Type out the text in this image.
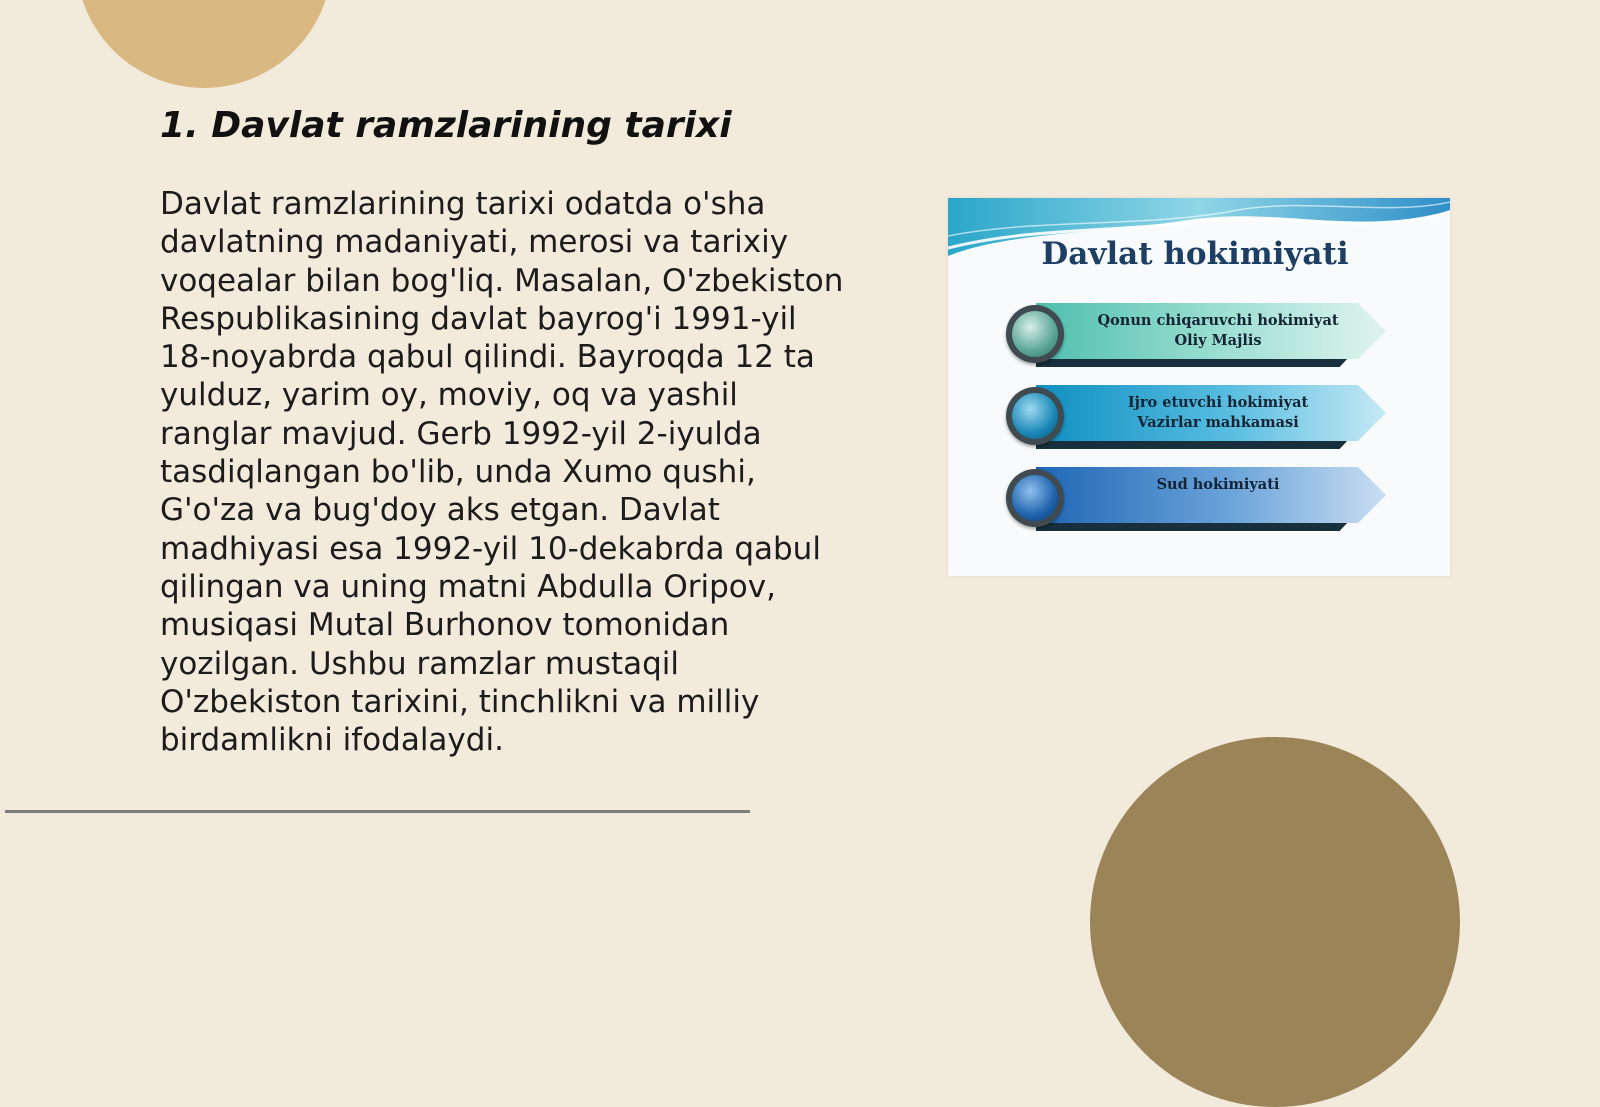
1. Davlat ramzlarining tarixi

Davlat ramzlarining tarixi odatda o'sha davlatning madaniyati, merosi va tarixiy voqealar bilan bog'liq. Masalan, O'zbekiston Respublikasining davlat bayrog'i 1991-yil 18-noyabrda qabul qilindi. Bayroqda 12 ta yulduz, yarim oy, moviy, oq va yashil ranglar mavjud. Gerb 1992-yil 2-iyulda tasdiqlangan bo'lib, unda Xumo qushi, G'o'za va bug'doy aks etgan. Davlat madhiyasi esa 1992-yil 10-dekabrda qabul qilingan va uning matni Abdulla Oripov, musiqasi Mutal Burhonov tomonidan yozilgan. Ushbu ramzlar mustaqil O'zbekiston tarixini, tinchlikni va milliy birdamlikni ifodalaydi.

Davlat hokimiyati
Qonun chiqaruvchi hokimiyat
Oliy Majlis
Ijro etuvchi hokimiyat
Vazirlar mahkamasi
Sud hokimiyati
